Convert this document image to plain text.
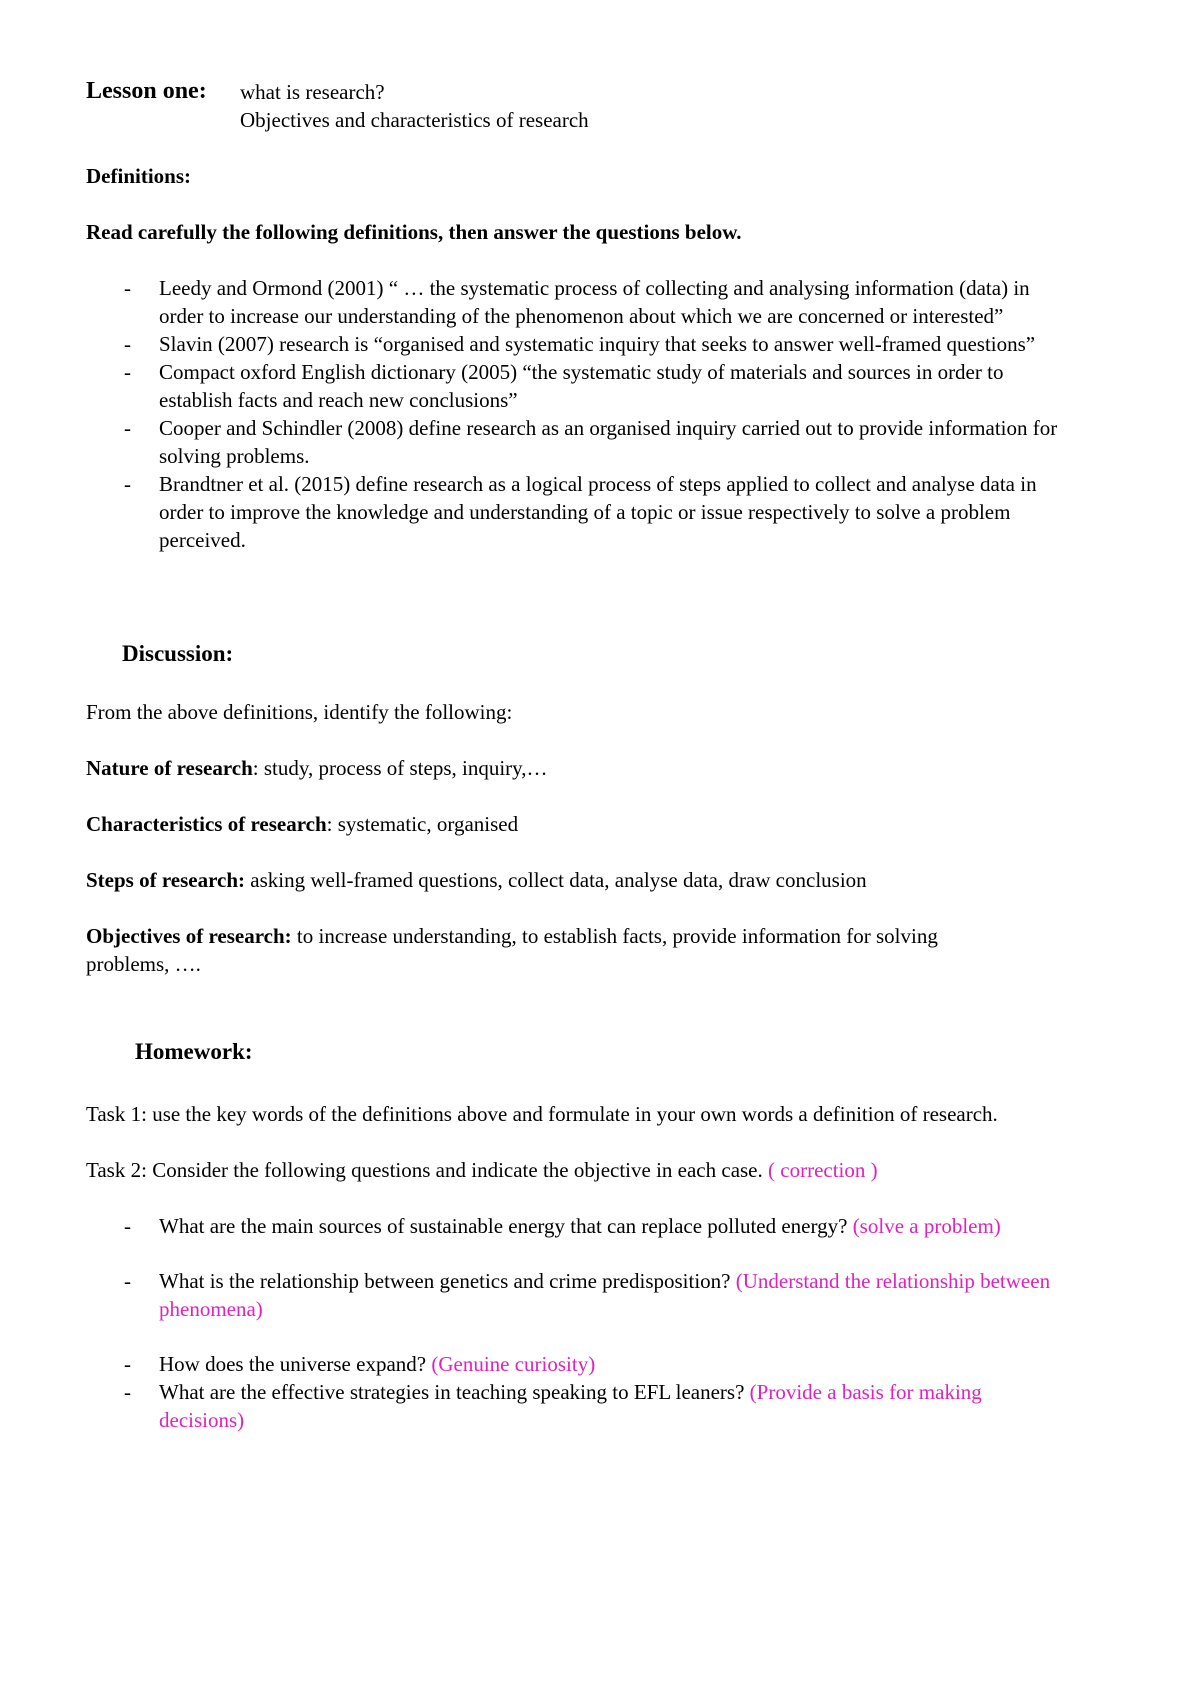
Lesson one: what is research?
Objectives and characteristics of research
Definitions:
Read carefully the following definitions, then answer the questions below.
- Leedy and Ormond (2001) “ … the systematic process of collecting and analysing information (data) in order to increase our understanding of the phenomenon about which we are concerned or interested”
- Slavin (2007) research is “organised and systematic inquiry that seeks to answer well-framed questions”
- Compact oxford English dictionary (2005) “the systematic study of materials and sources in order to establish facts and reach new conclusions”
- Cooper and Schindler (2008) define research as an organised inquiry carried out to provide information for solving problems.
- Brandtner et al. (2015) define research as a logical process of steps applied to collect and analyse data in order to improve the knowledge and understanding of a topic or issue respectively to solve a problem perceived.
Discussion:
From the above definitions, identify the following:
Nature of research: study, process of steps, inquiry,…
Characteristics of research: systematic, organised
Steps of research: asking well-framed questions, collect data, analyse data, draw conclusion
Objectives of research: to increase understanding, to establish facts, provide information for solving problems, ….
Homework:
Task 1: use the key words of the definitions above and formulate in your own words a definition of research.
Task 2: Consider the following questions and indicate the objective in each case. ( correction )
- What are the main sources of sustainable energy that can replace polluted energy? (solve a problem)
- What is the relationship between genetics and crime predisposition? (Understand the relationship between phenomena)
- How does the universe expand? (Genuine curiosity)
- What are the effective strategies in teaching speaking to EFL leaners? (Provide a basis for making decisions)
